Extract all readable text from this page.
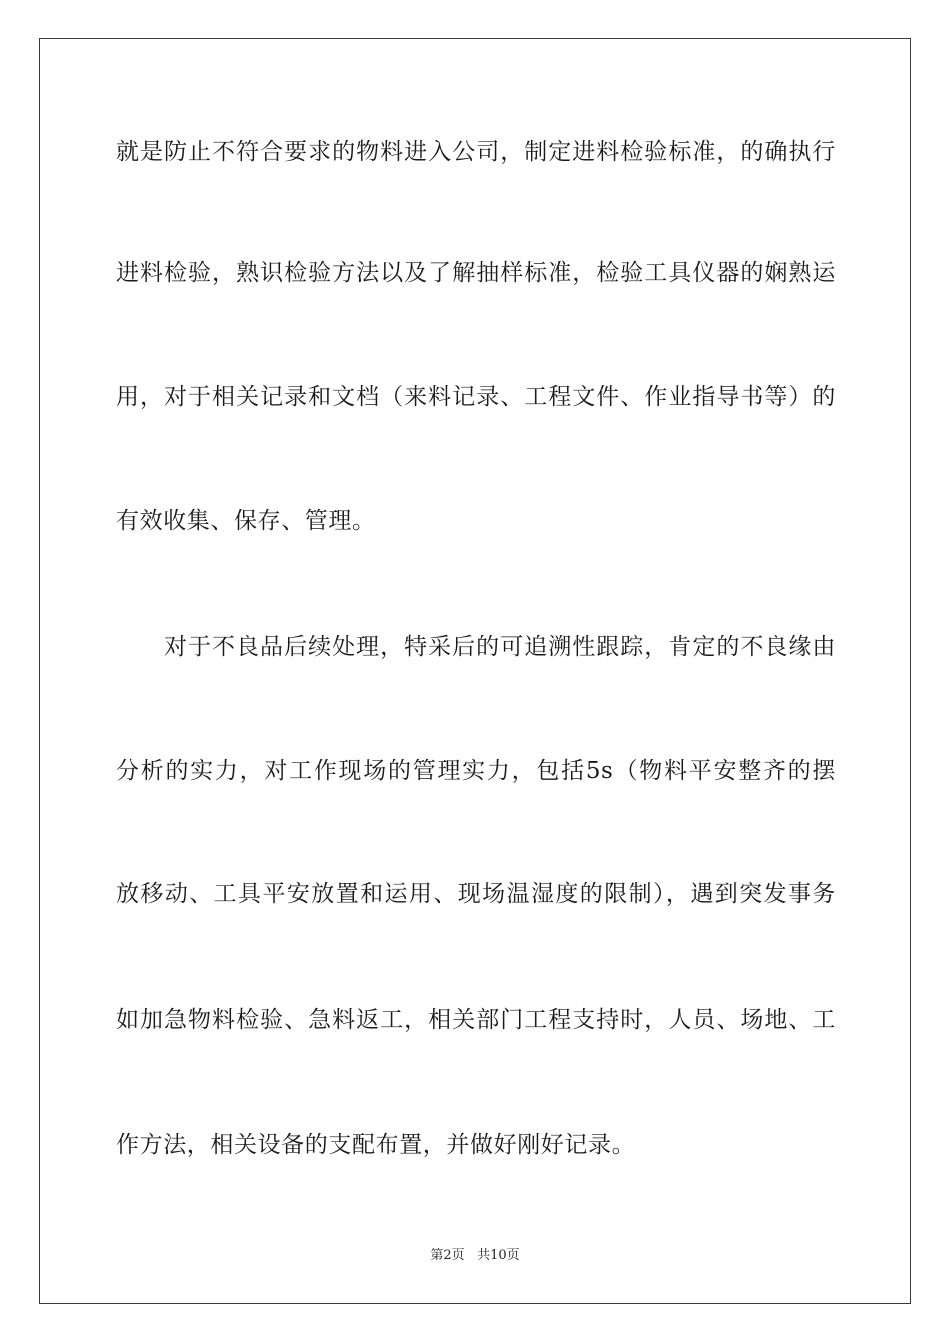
就是防止不符合要求的物料进入公司，制定进料检验标准，的确执行
进料检验，熟识检验方法以及了解抽样标准，检验工具仪器的娴熟运
用，对于相关记录和文档（来料记录、工程文件、作业指导书等）的
有效收集、保存、管理。
对于不良品后续处理，特采后的可追溯性跟踪，肯定的不良缘由
分析的实力，对工作现场的管理实力，包括5s（物料平安整齐的摆
放移动、工具平安放置和运用、现场温湿度的限制），遇到突发事务
如加急物料检验、急料返工，相关部门工程支持时，人员、场地、工
作方法，相关设备的支配布置，并做好刚好记录。
第2页 共10页
